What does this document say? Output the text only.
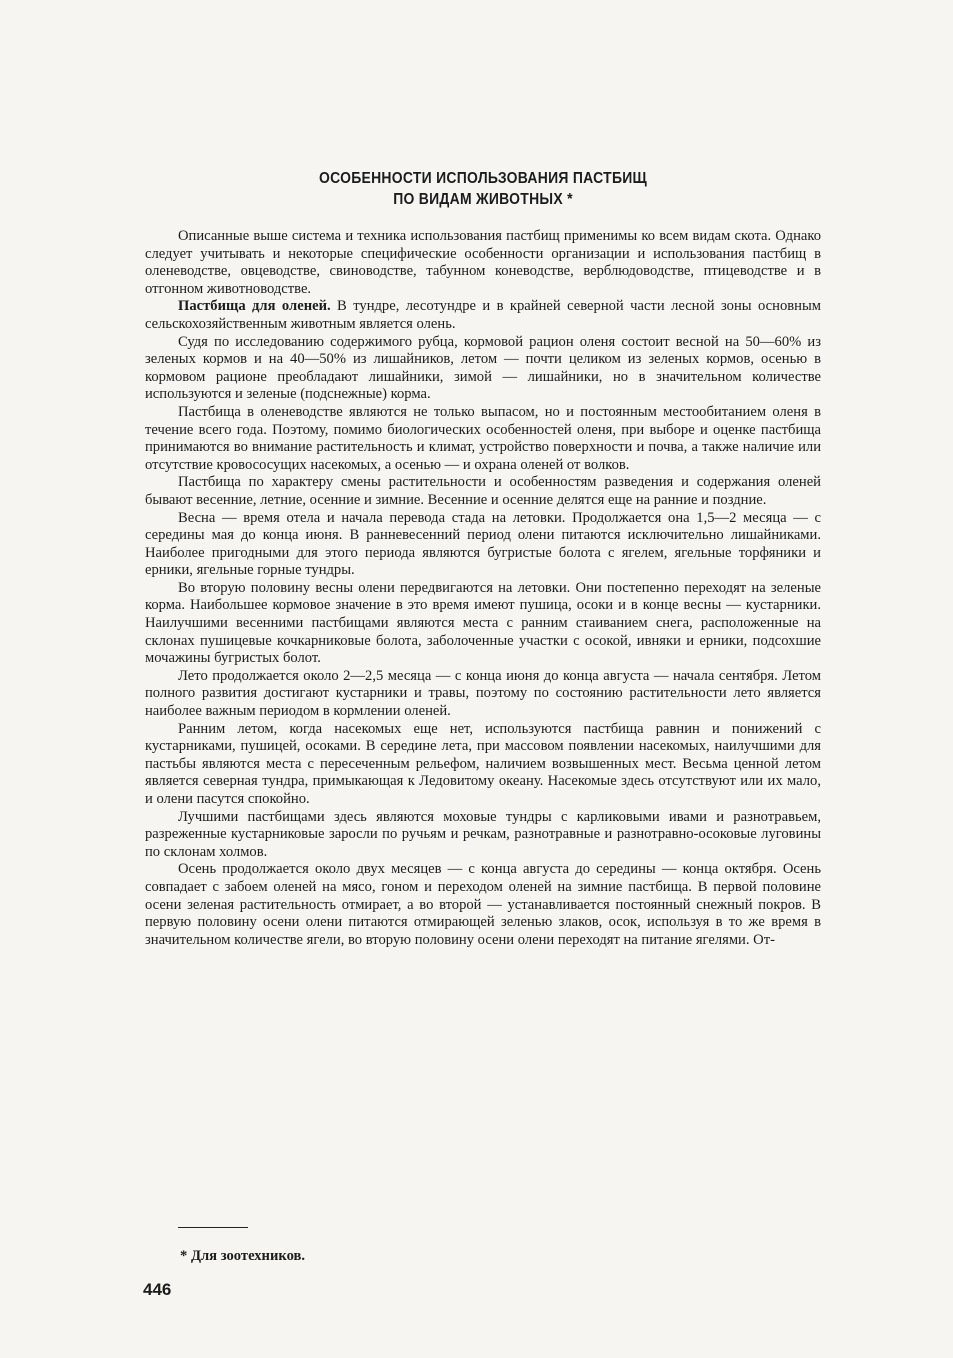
ОСОБЕННОСТИ ИСПОЛЬЗОВАНИЯ ПАСТБИЩ
ПО ВИДАМ ЖИВОТНЫХ *

Описанные выше система и техника использования пастбищ применимы ко всем видам скота. Однако следует учитывать и некоторые специфические особенности организации и использования пастбищ в оленеводстве, овцеводстве, свиноводстве, табунном коневодстве, верблюдоводстве, птицеводстве и в отгонном животноводстве.

Пастбища для оленей. В тундре, лесотундре и в крайней северной части лесной зоны основным сельскохозяйственным животным является олень.

Судя по исследованию содержимого рубца, кормовой рацион оленя состоит весной на 50—60% из зеленых кормов и на 40—50% из лишайников, летом — почти целиком из зеленых кормов, осенью в кормовом рационе преобладают лишайники, зимой — лишайники, но в значительном количестве используются и зеленые (подснежные) корма.

Пастбища в оленеводстве являются не только выпасом, но и постоянным местообитанием оленя в течение всего года. Поэтому, помимо биологических особенностей оленя, при выборе и оценке пастбища принимаются во внимание растительность и климат, устройство поверхности и почва, а также наличие или отсутствие кровососущих насекомых, а осенью — и охрана оленей от волков.

Пастбища по характеру смены растительности и особенностям разведения и содержания оленей бывают весенние, летние, осенние и зимние. Весенние и осенние делятся еще на ранние и поздние.

Весна — время отела и начала перевода стада на летовки. Продолжается она 1,5—2 месяца — с середины мая до конца июня. В ранневесенний период олени питаются исключительно лишайниками. Наиболее пригодными для этого периода являются бугристые болота с ягелем, ягельные торфяники и ерники, ягельные горные тундры.

Во вторую половину весны олени передвигаются на летовки. Они постепенно переходят на зеленые корма. Наибольшее кормовое значение в это время имеют пушица, осоки и в конце весны — кустарники. Наилучшими весенними пастбищами являются места с ранним стаиванием снега, расположенные на склонах пушицевые кочкарниковые болота, заболоченные участки с осокой, ивняки и ерники, подсохшие мочажины бугристых болот.

Лето продолжается около 2—2,5 месяца — с конца июня до конца августа — начала сентября. Летом полного развития достигают кустарники и травы, поэтому по состоянию растительности лето является наиболее важным периодом в кормлении оленей.

Ранним летом, когда насекомых еще нет, используются пастбища равнин и понижений с кустарниками, пушицей, осоками. В середине лета, при массовом появлении насекомых, наилучшими для пастьбы являются места с пересеченным рельефом, наличием возвышенных мест. Весьма ценной летом является северная тундра, примыкающая к Ледовитому океану. Насекомые здесь отсутствуют или их мало, и олени пасутся спокойно.

Лучшими пастбищами здесь являются моховые тундры с карликовыми ивами и разнотравьем, разреженные кустарниковые заросли по ручьям и речкам, разнотравные и разнотравно-осоковые луговины по склонам холмов.

Осень продолжается около двух месяцев — с конца августа до середины — конца октября. Осень совпадает с забоем оленей на мясо, гоном и переходом оленей на зимние пастбища. В первой половине осени зеленая растительность отмирает, а во второй — устанавливается постоянный снежный покров. В первую половину осени олени питаются отмирающей зеленью злаков, осок, используя в то же время в значительном количестве ягели, во вторую половину осени олени переходят на питание ягелями. От-

* Для зоотехников.
446
